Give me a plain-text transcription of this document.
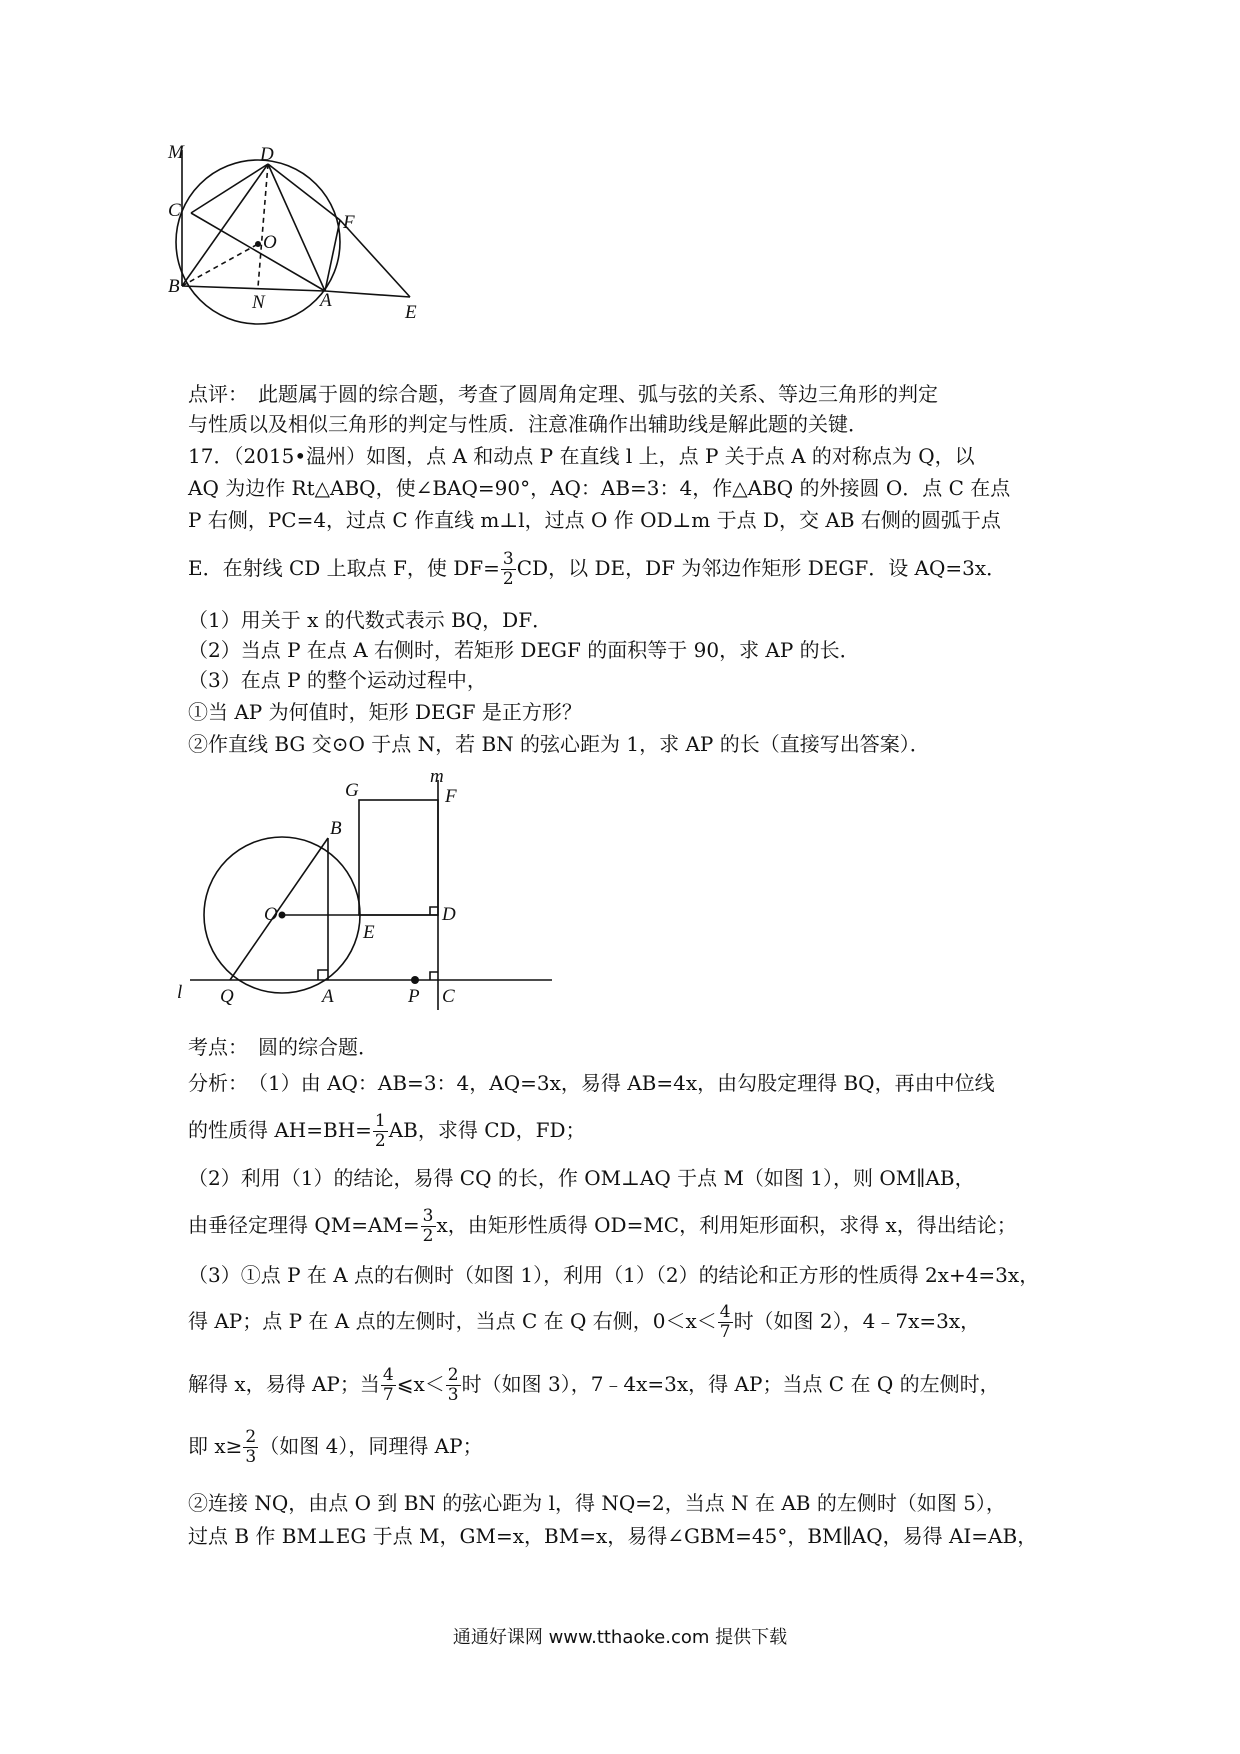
M	D
C
F
O
B
N	A
E
点评：　此题属于圆的综合题，考查了圆周角定理、弧与弦的关系、等边三角形的判定
与性质以及相似三角形的判定与性质．注意准确作出辅助线是解此题的关键．
17．（2015•温州）如图，点 A 和动点 P 在直线 l 上，点 P 关于点 A 的对称点为 Q，以
AQ 为边作 Rt△ABQ，使∠BAQ=90°，AQ：AB=3：4，作△ABQ 的外接圆 O．点 C 在点
P 右侧，PC=4，过点 C 作直线 m⊥l，过点 O 作 OD⊥m 于点 D，交 AB 右侧的圆弧于点
E．在射线 CD 上取点 F，使 $DF= \frac{3}{2}$ CD，以 DE，DF 为邻边作矩形 DEGF．设 AQ=3x．
（1）用关于 x 的代数式表示 BQ，DF．
（2）当点 P 在点 A 右侧时，若矩形 DEGF 的面积等于 90，求 AP 的长．
（3）在点 P 的整个运动过程中，
①当 AP 为何值时，矩形 DEGF 是正方形？
②作直线 BG 交⊙O 于点 N，若 BN 的弦心距为 1，求 AP 的长（直接写出答案）．
G
m
F
B
O
E
D
l Q	A	P C
考点：　圆的综合题．
分析：　（1）由 AQ：AB=3：4，AQ=3x，易得 AB=4x，由勾股定理得 BQ，再由中位线
的性质得 $AH=BH= \frac{1}{2}$ AB，求得 CD，FD；
（2）利用（1）的结论，易得 CQ 的长，作 OM⊥AQ 于点 M（如图 1），则 OM∥AB，
由垂径定理得 $QM=AM= \frac{3}{2}$ x，由矩形性质得 OD=MC，利用矩形面积，求得 x，得出结论；
（3）①点 P 在 A 点的右侧时（如图 1），利用（1）（2）的结论和正方形的性质得 2x+4=3x，
得 AP；点 P 在 A 点的左侧时，当点 C 在 Q 右侧，$0<x< \frac{4}{7}$ 时（如图 2），4﹣7x=3x，
解得 x，易得 AP；当 $\frac{4}{7}$ ⩽x＜ $\frac{2}{3}$ 时（如图 3），7﹣4x=3x，得 AP；当点 C 在 Q 的左侧时，
即 $x\ge \frac{2}{3}$ （如图 4），同理得 AP；
②连接 NQ，由点 O 到 BN 的弦心距为 l，得 NQ=2，当点 N 在 AB 的左侧时（如图 5），
过点 B 作 BM⊥EG 于点 M，GM=x，BM=x，易得∠GBM=45°，BM∥AQ，易得 AI=AB，
通通好课网 www.tthaoke.com 提供下载
